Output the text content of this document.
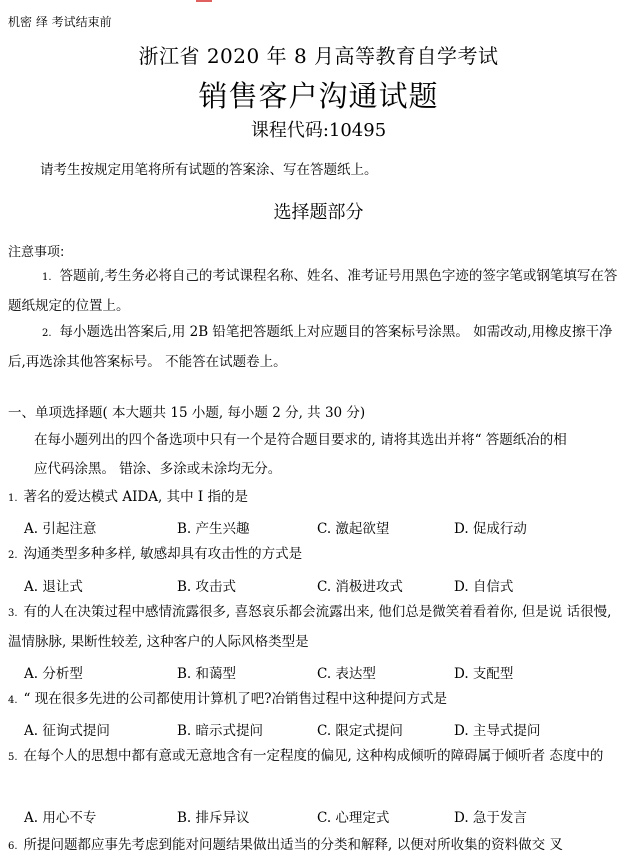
机密 绎 考试结束前
浙江省 2020 年 8 月高等教育自学考试
销售客户沟通试题
课程代码:10495
请考生按规定用笔将所有试题的答案涂、写在答题纸上。
选择题部分
注意事项:
1. 答题前,考生务必将自己的考试课程名称、姓名、准考证号用黑色字迹的签字笔或钢笔填写在答题纸规定的位置上。
2. 每小题选出答案后,用 2B 铅笔把答题纸上对应题目的答案标号涂黑。 如需改动,用橡皮擦干净后,再选涂其他答案标号。 不能答在试题卷上。
一、单项选择题( 本大题共 15 小题, 每小题 2 分, 共 30 分)
在每小题列出的四个备选项中只有一个是符合题目要求的, 请将其选出并将“ 答题纸冶的相
应代码涂黑。 错涂、多涂或未涂均无分。
1. 著名的爱达模式 AIDA, 其中 I 指的是
A. 引起注意	B. 产生兴趣	C. 激起欲望	D. 促成行动
2. 沟通类型多种多样, 敏感却具有攻击性的方式是
A. 退让式	B. 攻击式	C. 消极进攻式	D. 自信式
3. 有的人在决策过程中感情流露很多, 喜怒哀乐都会流露出来, 他们总是微笑着看着你, 但是说 话很慢, 温情脉脉, 果断性较差, 这种客户的人际风格类型是
A. 分析型	B. 和蔼型	C. 表达型	D. 支配型
4. “ 现在很多先进的公司都使用计算机了吧?冶销售过程中这种提问方式是
A. 征询式提问	B. 暗示式提问	C. 限定式提问	D. 主导式提问
5. 在每个人的思想中都有意或无意地含有一定程度的偏见, 这种构成倾听的障碍属于倾听者 态度中的
A. 用心不专	B. 排斥异议	C. 心理定式	D. 急于发言
6. 所提问题都应事先考虑到能对问题结果做出适当的分类和解释, 以便对所收集的资料做交 叉
